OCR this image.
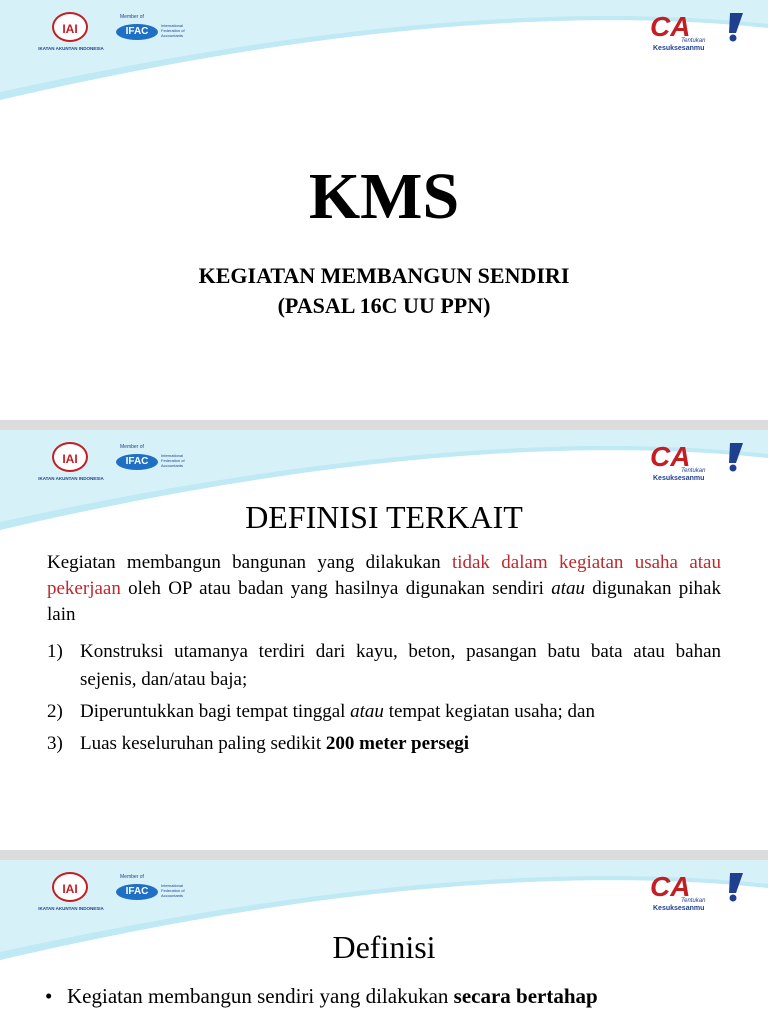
IAI
IKATAN AKUNTAN INDONESIA
Member of
IFAC
International Federation of Accountants	CA
Tentukan
Kesuksesanmu
KMS
KEGIATAN MEMBANGUN SENDIRI
(PASAL 16C UU PPN)
IAI
IKATAN AKUNTAN INDONESIA
Member of
IFAC
International Federation of Accountants	CA
Tentukan
Kesuksesanmu
DEFINISI TERKAIT

Kegiatan membangun bangunan yang dilakukan tidak dalam kegiatan usaha atau pekerjaan oleh OP atau badan yang hasilnya digunakan sendiri atau digunakan pihak lain

1) Konstruksi utamanya terdiri dari kayu, beton, pasangan batu bata atau bahan sejenis, dan/atau baja;
2) Diperuntukkan bagi tempat tinggal atau tempat kegiatan usaha; dan
3) Luas keseluruhan paling sedikit 200 meter persegi
IAI
IKATAN AKUNTAN INDONESIA
Member of
IFAC
International Federation of Accountants	CA
Tentukan
Kesuksesanmu
Definisi
• Kegiatan membangun sendiri yang dilakukan secara bertahap
